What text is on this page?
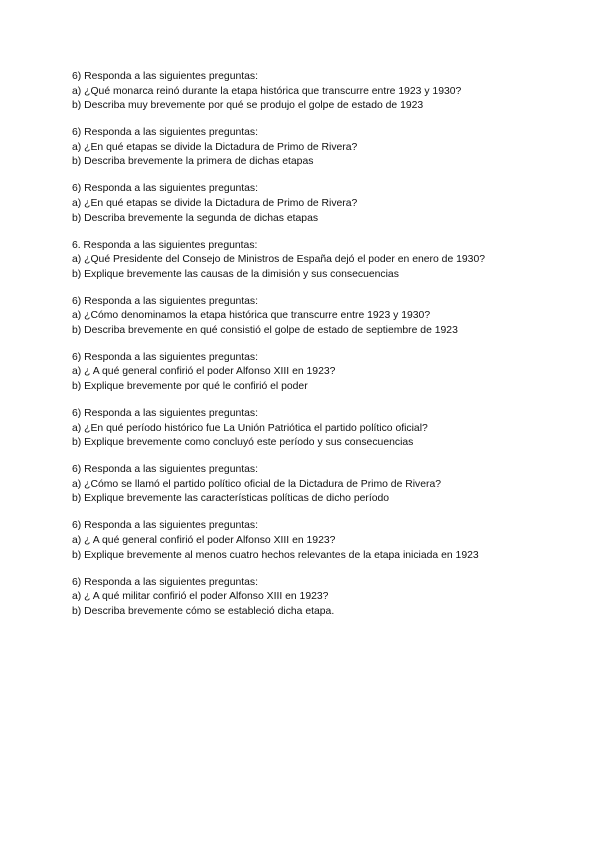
6) Responda a las siguientes preguntas:
a) ¿Qué monarca reinó durante la etapa histórica que transcurre entre 1923 y 1930?
b) Describa muy brevemente por qué se produjo el golpe de estado de 1923
6) Responda a las siguientes preguntas:
a) ¿En qué etapas se divide la Dictadura de Primo de Rivera?
b) Describa brevemente la primera de dichas etapas
6) Responda a las siguientes preguntas:
a) ¿En qué etapas se divide la Dictadura de Primo de Rivera?
b) Describa brevemente la segunda de dichas etapas
6. Responda a las siguientes preguntas:
a) ¿Qué Presidente del Consejo de Ministros de España dejó el poder en enero de 1930?
b) Explique brevemente las causas de la dimisión y sus consecuencias
6) Responda a las siguientes preguntas:
a) ¿Cómo denominamos la etapa histórica que transcurre entre 1923 y 1930?
b) Describa brevemente en qué consistió el golpe de estado de septiembre de 1923
6) Responda a las siguientes preguntas:
a) ¿ A qué general confirió el poder Alfonso XIII en 1923?
b) Explique brevemente por qué le confirió el poder
6) Responda a las siguientes preguntas:
a) ¿En qué período histórico fue La Unión Patriótica el partido político oficial?
b) Explique brevemente como concluyó este período y sus consecuencias
6) Responda a las siguientes preguntas:
a) ¿Cómo se llamó el partido político oficial de la Dictadura de Primo de Rivera?
b) Explique brevemente las características políticas de dicho período
6) Responda a las siguientes preguntas:
a) ¿ A qué general confirió el poder Alfonso XIII en 1923?
b) Explique brevemente al menos cuatro hechos relevantes de la etapa iniciada en 1923
6) Responda a las siguientes preguntas:
a) ¿ A qué militar confirió el poder Alfonso XIII en 1923?
b) Describa brevemente cómo se estableció dicha etapa.
